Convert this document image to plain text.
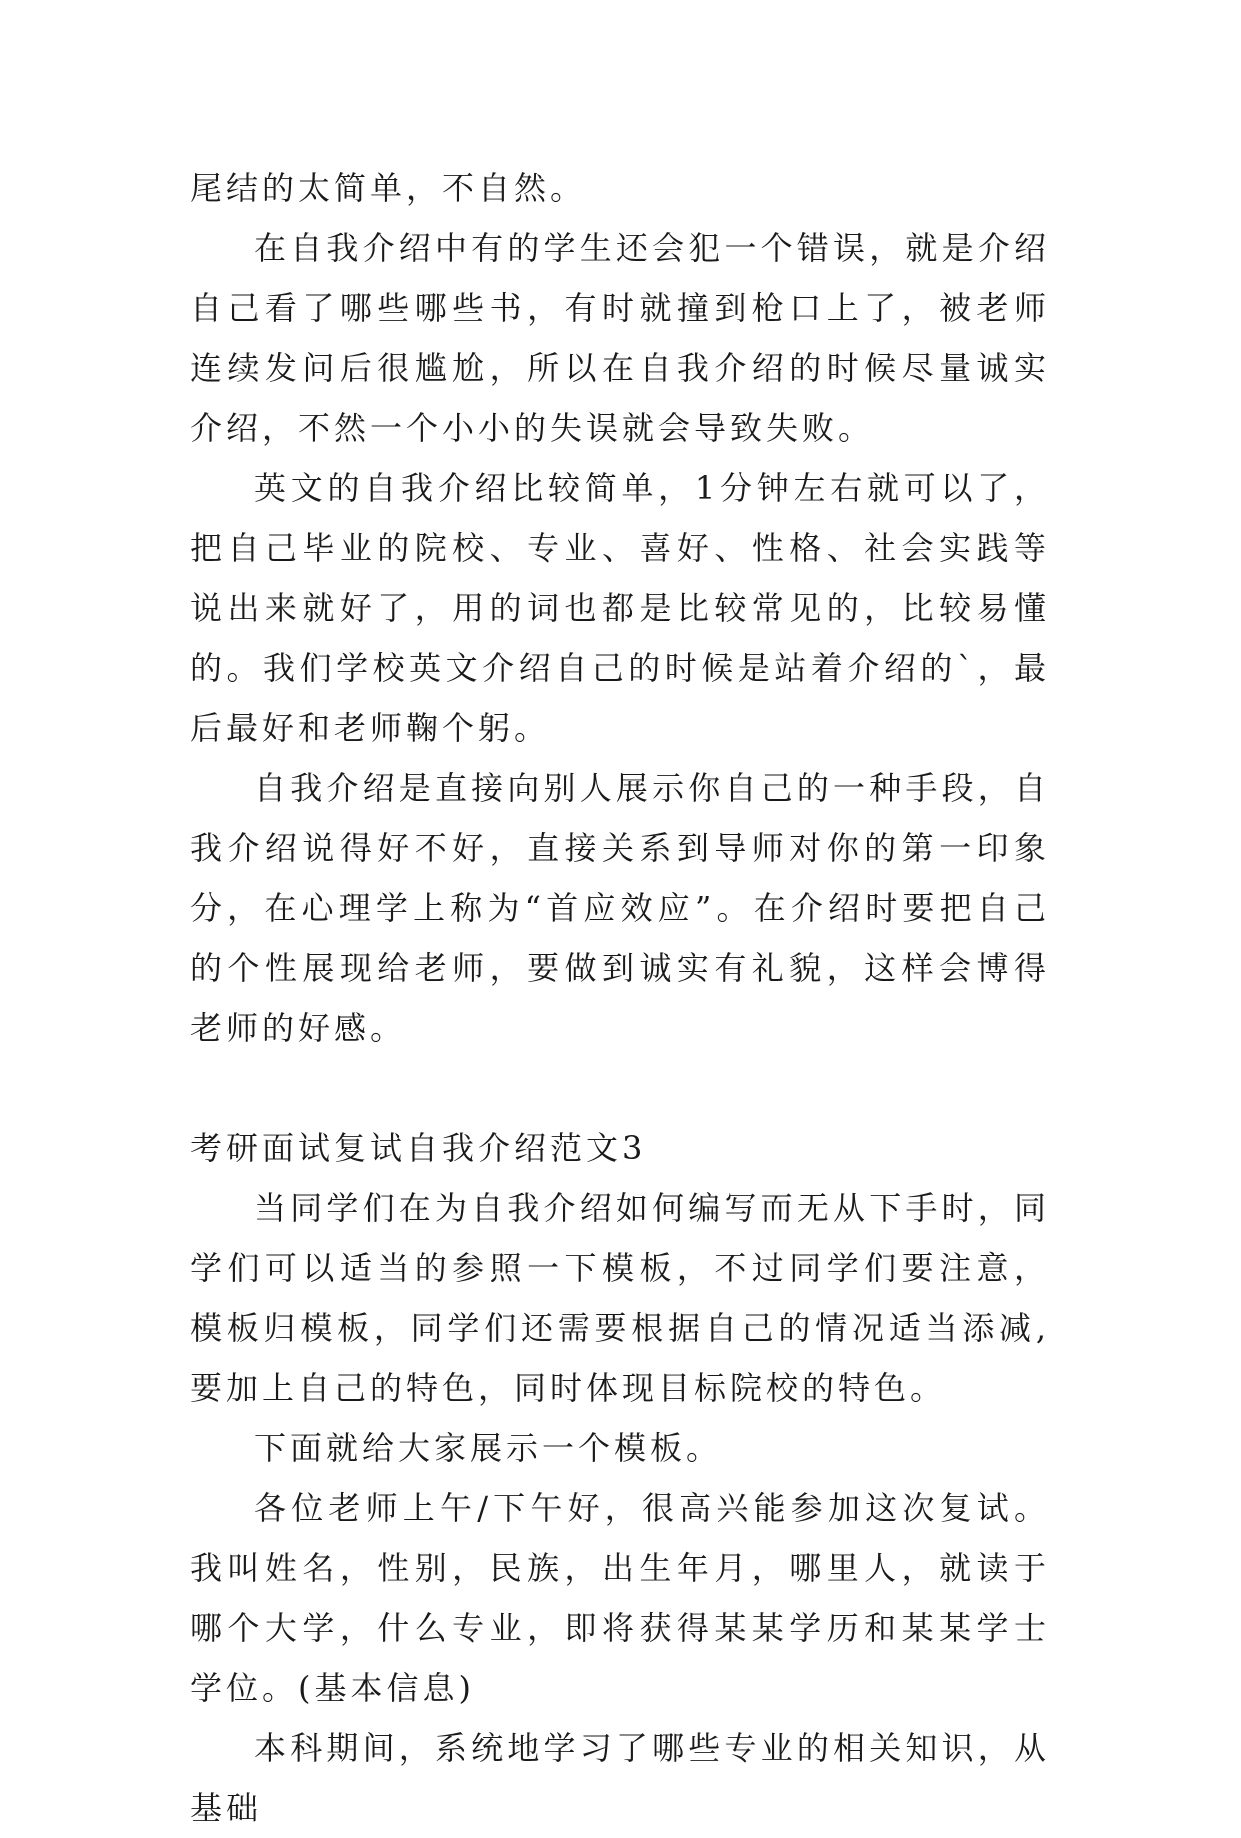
尾结的太简单，不自然。

在自我介绍中有的学生还会犯一个错误，就是介绍自己看了哪些哪些书，有时就撞到枪口上了，被老师连续发问后很尴尬，所以在自我介绍的时候尽量诚实介绍，不然一个小小的失误就会导致失败。

英文的自我介绍比较简单，1分钟左右就可以了，把自己毕业的院校、专业、喜好、性格、社会实践等说出来就好了，用的词也都是比较常见的，比较易懂的。我们学校英文介绍自己的时候是站着介绍的`，最后最好和老师鞠个躬。

自我介绍是直接向别人展示你自己的一种手段，自我介绍说得好不好，直接关系到导师对你的第一印象分，在心理学上称为“首应效应”。在介绍时要把自己的个性展现给老师，要做到诚实有礼貌，这样会博得老师的好感。

考研面试复试自我介绍范文3

当同学们在为自我介绍如何编写而无从下手时，同学们可以适当的参照一下模板，不过同学们要注意，模板归模板，同学们还需要根据自己的情况适当添减,要加上自己的特色，同时体现目标院校的特色。

下面就给大家展示一个模板。

各位老师上午/下午好，很高兴能参加这次复试。我叫姓名，性别，民族，出生年月，哪里人，就读于哪个大学，什么专业，即将获得某某学历和某某学士学位。(基本信息)

本科期间，系统地学习了哪些专业的相关知识，从基础
